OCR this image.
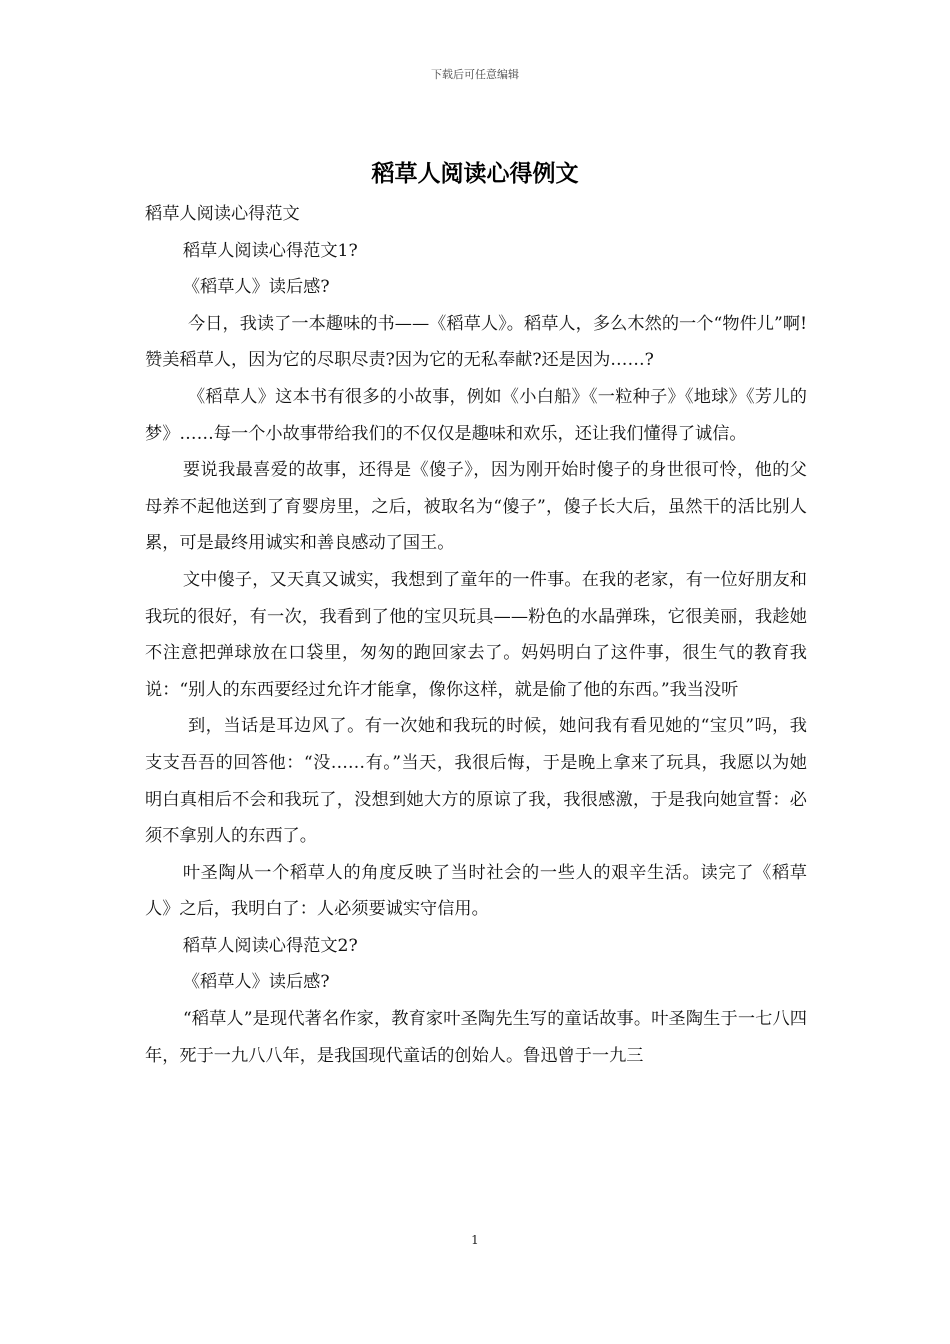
下载后可任意编辑
稻草人阅读心得例文

稻草人阅读心得范文

稻草人阅读心得范文1?

《稻草人》读后感?

今日，我读了一本趣味的书——《稻草人》。稻草人，多么木然的一个“物件儿”啊!赞美稻草人，因为它的尽职尽责?因为它的无私奉献?还是因为……?

《稻草人》这本书有很多的小故事，例如《小白船》《一粒种子》《地球》《芳儿的梦》……每一个小故事带给我们的不仅仅是趣味和欢乐，还让我们懂得了诚信。

要说我最喜爱的故事，还得是《傻子》，因为刚开始时傻子的身世很可怜，他的父母养不起他送到了育婴房里，之后，被取名为“傻子”，傻子长大后，虽然干的活比别人累，可是最终用诚实和善良感动了国王。

文中傻子，又天真又诚实，我想到了童年的一件事。在我的老家，有一位好朋友和我玩的很好，有一次，我看到了他的宝贝玩具——粉色的水晶弹珠，它很美丽，我趁她不注意把弹球放在口袋里，匆匆的跑回家去了。妈妈明白了这件事，很生气的教育我说：“别人的东西要经过允许才能拿，像你这样，就是偷了他的东西。”我当没听

到，当话是耳边风了。有一次她和我玩的时候，她问我有看见她的“宝贝”吗，我支支吾吾的回答他：“没……有。”当天，我很后悔，于是晚上拿来了玩具，我愿以为她明白真相后不会和我玩了，没想到她大方的原谅了我，我很感激，于是我向她宣誓：必须不拿别人的东西了。

叶圣陶从一个稻草人的角度反映了当时社会的一些人的艰辛生活。读完了《稻草人》之后，我明白了：人必须要诚实守信用。

稻草人阅读心得范文2?

《稻草人》读后感?

“稻草人”是现代著名作家，教育家叶圣陶先生写的童话故事。叶圣陶生于一七八四年，死于一九八八年，是我国现代童话的创始人。鲁迅曾于一九三

1
